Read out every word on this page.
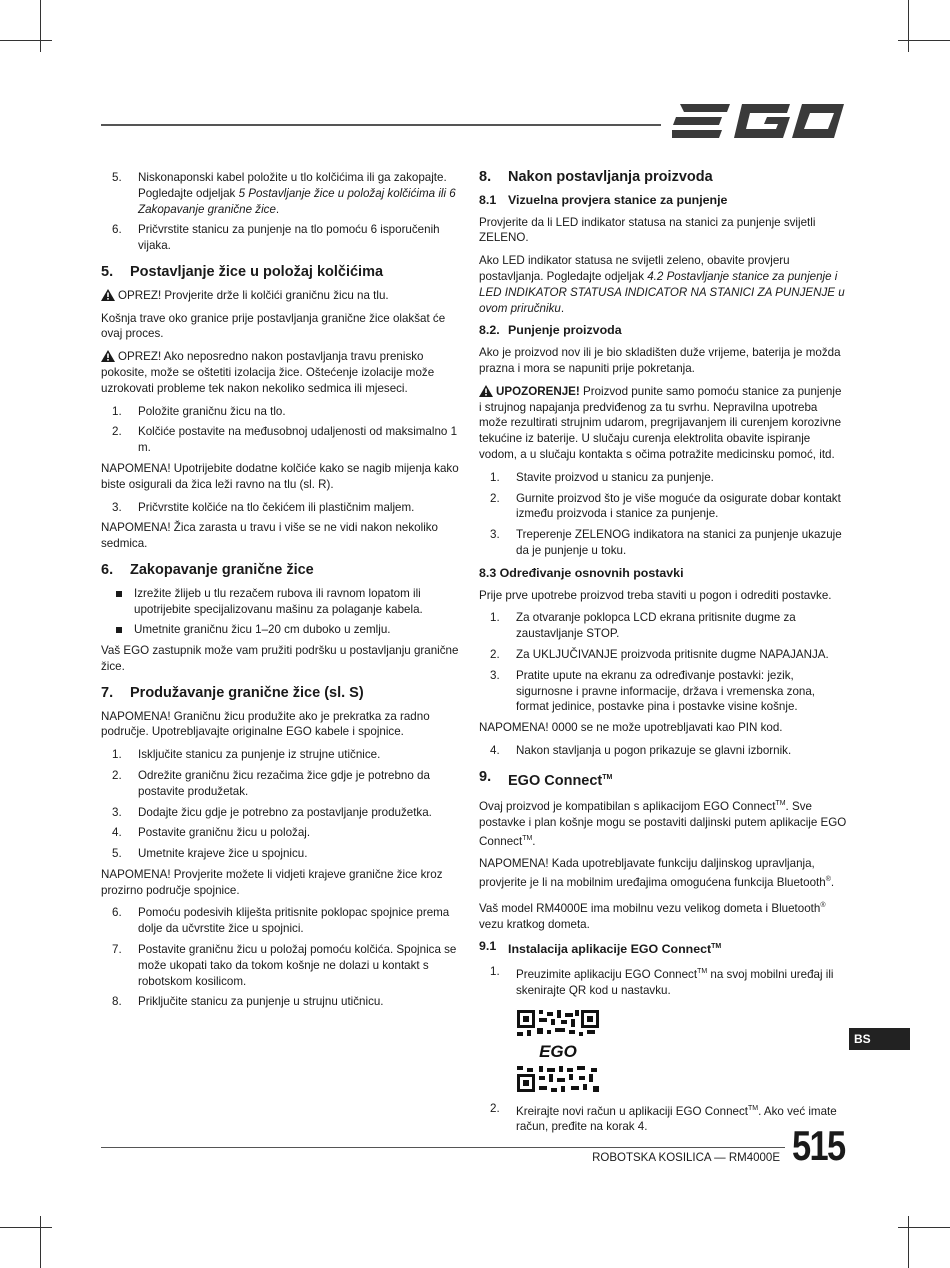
5.	Niskonaponski kabel položite u tlo kolčićima ili ga zakopajte. Pogledajte odjeljak 5 Postavljanje žice u položaj kolčićima ili 6 Zakopavanje granične žice.
6.	Pričvrstite stanicu za punjenje na tlo pomoću 6 isporučenih vijaka.
5.	Postavljanje žice u položaj kolčićima

OPREZ! Provjerite drže li kolčići graničnu žicu na tlu.

Košnja trave oko granice prije postavljanja granične žice olakšat će ovaj proces.

OPREZ! Ako neposredno nakon postavljanja travu prenisko pokosite, može se oštetiti izolacija žice. Oštećenje izolacije može uzrokovati probleme tek nakon nekoliko sedmica ili mjeseci.

1.	Položite graničnu žicu na tlo.
2.	Kolčiće postavite na međusobnoj udaljenosti od maksimalno 1 m.

NAPOMENA! Upotrijebite dodatne kolčiće kako se nagib mijenja kako biste osigurali da žica leži ravno na tlu (sl. R).

3.	Pričvrstite kolčiće na tlo čekićem ili plastičnim maljem.

NAPOMENA! Žica zarasta u travu i više se ne vidi nakon nekoliko sedmica.

6.	Zakopavanje granične žice
Izrežite žlijeb u tlu rezačem rubova ili ravnom lopatom ili upotrijebite specijalizovanu mašinu za polaganje kabela.
Umetnite graničnu žicu 1–20 cm duboko u zemlju.

Vaš EGO zastupnik može vam pružiti podršku u postavljanju granične žice.

7.	Produžavanje granične žice (sl. S)

NAPOMENA! Graničnu žicu produžite ako je prekratka za radno područje. Upotrebljavajte originalne EGO kabele i spojnice.

1.	Isključite stanicu za punjenje iz strujne utičnice.
2.	Odrežite graničnu žicu rezačima žice gdje je potrebno da postavite produžetak.
3.	Dodajte žicu gdje je potrebno za postavljanje produžetka.
4.	Postavite graničnu žicu u položaj.
5.	Umetnite krajeve žice u spojnicu.

NAPOMENA! Provjerite možete li vidjeti krajeve granične žice kroz prozirno područje spojnice.

6.	Pomoću podesivih kliješta pritisnite poklopac spojnice prema dolje da učvrstite žice u spojnici.
7.	Postavite graničnu žicu u položaj pomoću kolčića. Spojnica se može ukopati tako da tokom košnje ne dolazi u kontakt s robotskom kosilicom.
8.	Priključite stanicu za punjenje u strujnu utičnicu.
8.	Nakon postavljanja proizvoda
8.1 Vizuelna provjera stanice za punjenje

Provjerite da li LED indikator statusa na stanici za punjenje svijetli ZELENO.

Ako LED indikator statusa ne svijetli zeleno, obavite provjeru postavljanja. Pogledajte odjeljak 4.2 Postavljanje stanice za punjenje i LED INDIKATOR STATUSA INDICATOR NA STANICI ZA PUNJENJE u ovom priručniku.

8.2. Punjenje proizvoda

Ako je proizvod nov ili je bio skladišten duže vrijeme, baterija je možda prazna i mora se napuniti prije pokretanja.

UPOZORENJE! Proizvod punite samo pomoću stanice za punjenje i strujnog napajanja predviđenog za tu svrhu. Nepravilna upotreba može rezultirati strujnim udarom, pregrijavanjem ili curenjem korozivne tekućine iz baterije. U slučaju curenja elektrolita obavite ispiranje vodom, a u slučaju kontakta s očima potražite medicinsku pomoć, itd.

1.	Stavite proizvod u stanicu za punjenje.
2.	Gurnite proizvod što je više moguće da osigurate dobar kontakt između proizvoda i stanice za punjenje.
3.	Treperenje ZELENOG indikatora na stanici za punjenje ukazuje da je punjenje u toku.
8.3 Određivanje osnovnih postavki

Prije prve upotrebe proizvod treba staviti u pogon i odrediti postavke.

1.	Za otvaranje poklopca LCD ekrana pritisnite dugme za zaustavljanje STOP.
2.	Za UKLJUČIVANJE proizvoda pritisnite dugme NAPAJANJA.
3.	Pratite upute na ekranu za određivanje postavki: jezik, sigurnosne i pravne informacije, država i vremenska zona, format jedinice, postavke pina i postavke visine košnje.

NAPOMENA! 0000 se ne može upotrebljavati kao PIN kod.

4.	Nakon stavljanja u pogon prikazuje se glavni izbornik.
9.	EGO Connect™

Ovaj proizvod je kompatibilan s aplikacijom EGO Connect™. Sve postavke i plan košnje mogu se postaviti daljinski putem aplikacije EGO Connect™.

NAPOMENA! Kada upotrebljavate funkciju daljinskog upravljanja, provjerite je li na mobilnim uređajima omogućena funkcija Bluetooth®.

Vaš model RM4000E ima mobilnu vezu velikog dometa i Bluetooth® vezu kratkog dometa.

9.1 Instalacija aplikacije EGO Connect™
1.	Preuzimite aplikaciju EGO Connect™ na svoj mobilni uređaj ili skenirajte QR kod u nastavku.
EGO
2.	Kreirajte novi račun u aplikaciji EGO Connect™. Ako već imate račun, pređite na korak 4.
BS
ROBOTSKA KOSILICA — RM4000E 515
